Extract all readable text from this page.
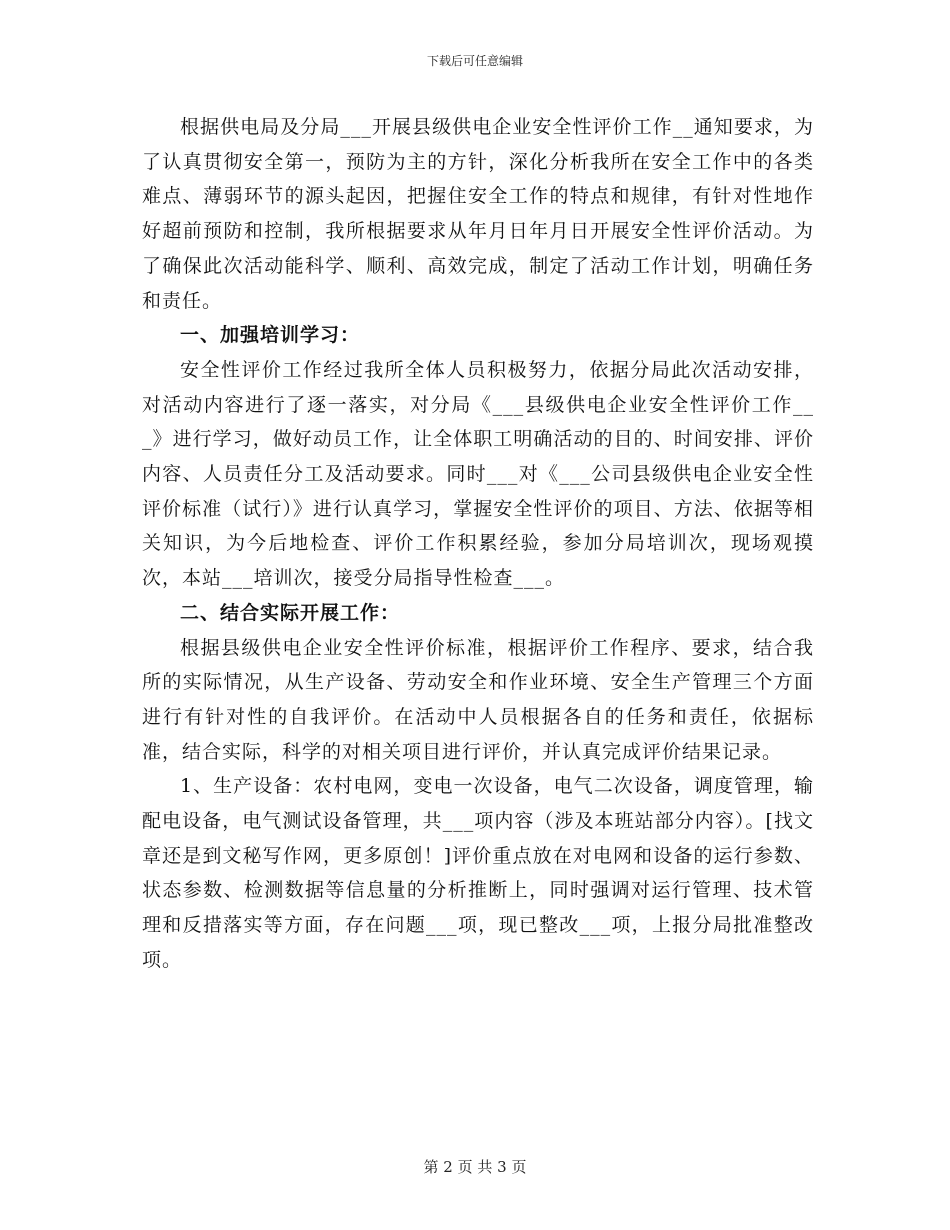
下载后可任意编辑

根据供电局及分局___开展县级供电企业安全性评价工作__通知要求，为了认真贯彻安全第一，预防为主的方针，深化分析我所在安全工作中的各类难点、薄弱环节的源头起因，把握住安全工作的特点和规律，有针对性地作好超前预防和控制，我所根据要求从年月日年月日开展安全性评价活动。为了确保此次活动能科学、顺利、高效完成，制定了活动工作计划，明确任务和责任。

一、加强培训学习：

安全性评价工作经过我所全体人员积极努力，依据分局此次活动安排，对活动内容进行了逐一落实，对分局《___县级供电企业安全性评价工作___》进行学习，做好动员工作，让全体职工明确活动的目的、时间安排、评价内容、人员责任分工及活动要求。同时___对《___公司县级供电企业安全性评价标准（试行）》进行认真学习，掌握安全性评价的项目、方法、依据等相关知识，为今后地检查、评价工作积累经验，参加分局培训次，现场观摸次，本站___培训次，接受分局指导性检查___。

二、结合实际开展工作：

根据县级供电企业安全性评价标准，根据评价工作程序、要求，结合我所的实际情况，从生产设备、劳动安全和作业环境、安全生产管理三个方面进行有针对性的自我评价。在活动中人员根据各自的任务和责任，依据标准，结合实际，科学的对相关项目进行评价，并认真完成评价结果记录。

1、生产设备：农村电网，变电一次设备，电气二次设备，调度管理，输配电设备，电气测试设备管理，共___项内容（涉及本班站部分内容）。[找文章还是到文秘写作网，更多原创！]评价重点放在对电网和设备的运行参数、状态参数、检测数据等信息量的分析推断上，同时强调对运行管理、技术管理和反措落实等方面，存在问题___项，现已整改___项，上报分局批准整改项。

第 2 页 共 3 页
